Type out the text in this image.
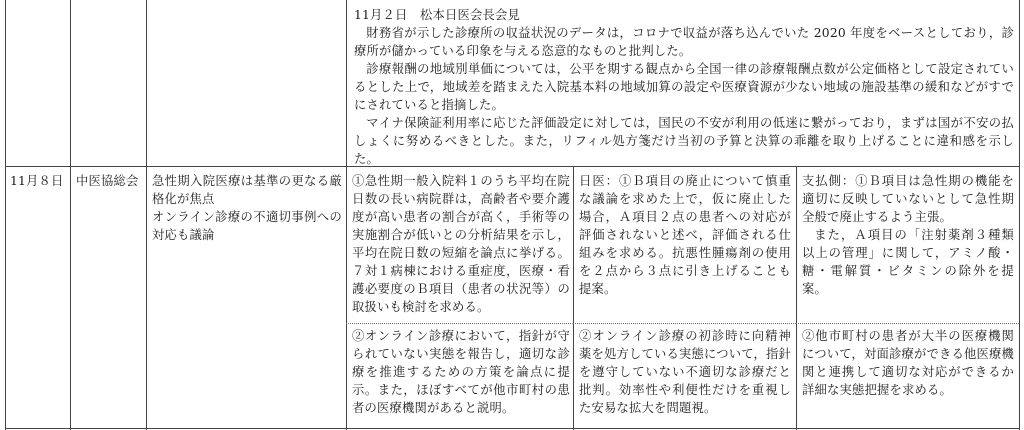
11月２日　松本日医会長会見

財務省が示した診療所の収益状況のデータは，コロナで収益が落ち込んでいた 2020 年度をベースとしており，診療所が儲かっている印象を与える恣意的なものと批判した。

診療報酬の地域別単価については，公平を期する観点から全国一律の診療報酬点数が公定価格として設定されているとした上で，地域差を踏まえた入院基本料の地域加算の設定や医療資源が少ない地域の施設基準の緩和などがすでにされていると指摘した。

マイナ保険証利用率に応じた評価設定に対しては，国民の不安が利用の低迷に繋がっており，まずは国が不安の払しょくに努めるべきとした。また，リフィル処方箋だけ当初の予算と決算の乖離を取り上げることに違和感を示した。

11月８日	中医協総会	急性期入院医療は基準の更なる厳格化が焦点

オンライン診療の不適切事例への対応も議論

①急性期一般入院料１のうち平均在院日数の長い病院群は，高齢者や要介護度が高い患者の割合が高く，手術等の実施割合が低いとの分析結果を示し，平均在院日数の短縮を論点に挙げる。７対１病棟における重症度，医療・看護必要度のＢ項目（患者の状況等）の取扱いも検討を求める。
②オンライン診療において，指針が守られていない実態を報告し，適切な診療を推進するための方策を論点に提示。また，ほぼすべてが他市町村の患者の医療機関があると説明。
日医：①Ｂ項目の廃止について慎重な議論を求めた上で，仮に廃止した場合，Ａ項目２点の患者への対応が評価されないと述べ，評価される仕組みを求める。抗悪性腫瘍剤の使用を２点から３点に引き上げることも提案。
②オンライン診療の初診時に向精神薬を処方している実態について，指針を遵守していない不適切な診療だと批判。効率性や利便性だけを重視した安易な拡大を問題視。

支払側：①Ｂ項目は急性期の機能を適切に反映していないとして急性期全般で廃止するよう主張。

また，Ａ項目の「注射薬剤３種類以上の管理」に関して，アミノ酸・糖・電解質・ビタミンの除外を提案。

②他市町村の患者が大半の医療機関について，対面診療ができる他医療機関と連携して適切な対応ができるか詳細な実態把握を求める。
